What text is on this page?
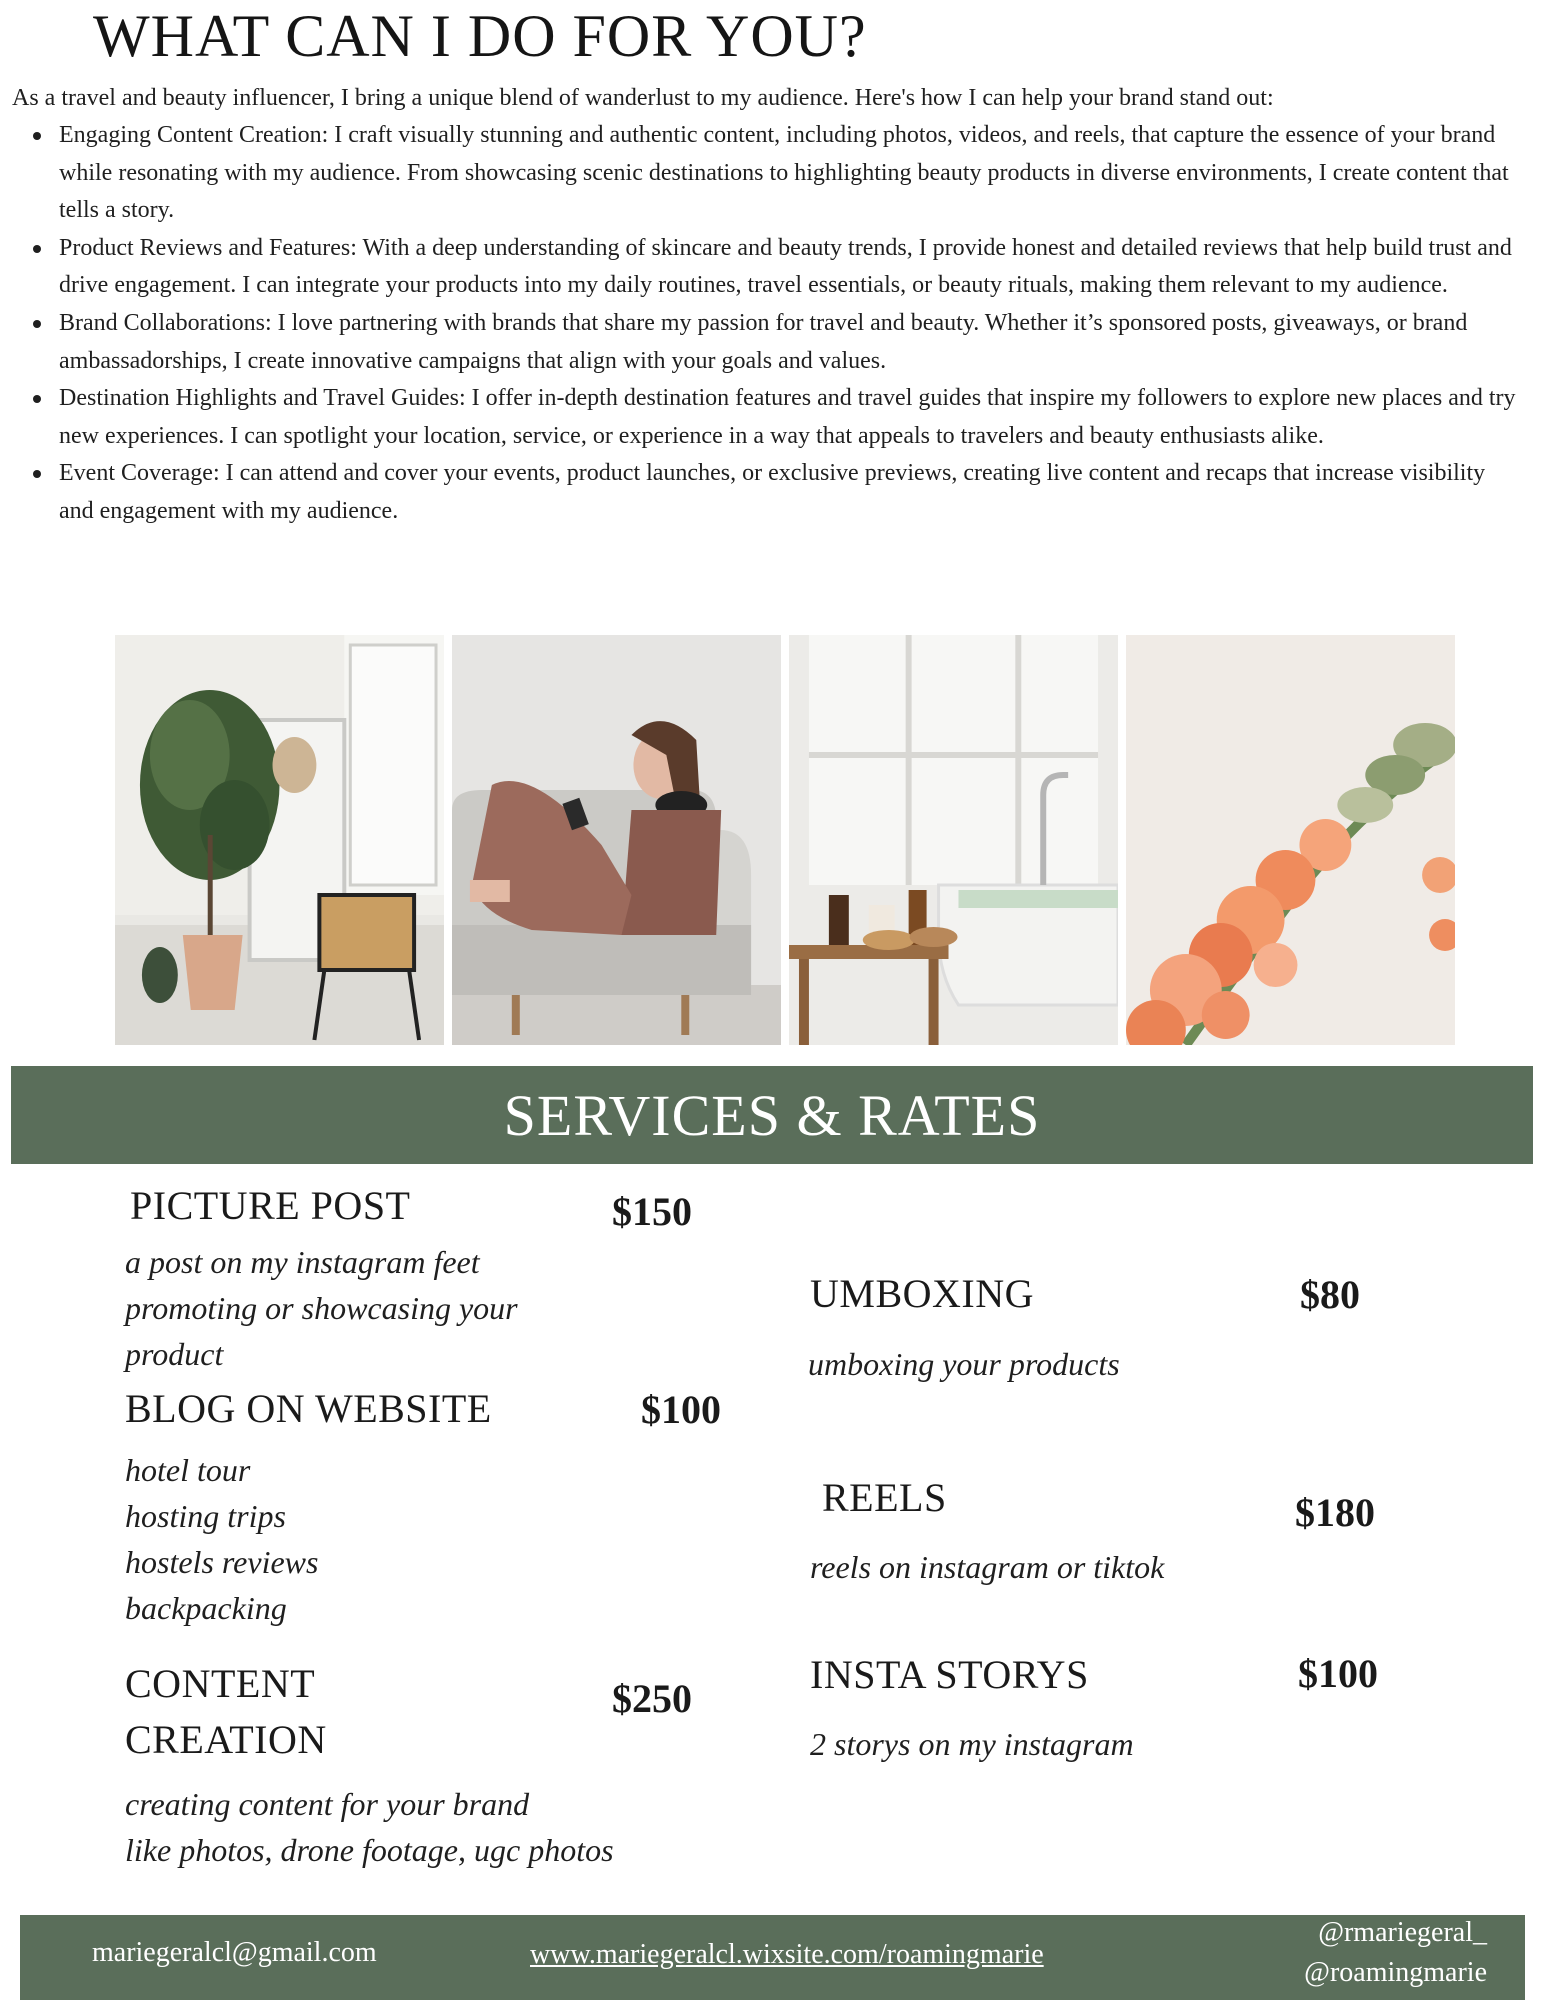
WHAT CAN I DO FOR YOU?

As a travel and beauty influencer, I bring a unique blend of wanderlust to my audience. Here's how I can help your brand stand out:

Engaging Content Creation: I craft visually stunning and authentic content, including photos, videos, and reels, that capture the essence of your brand while resonating with my audience. From showcasing scenic destinations to highlighting beauty products in diverse environments, I create content that tells a story.
Product Reviews and Features: With a deep understanding of skincare and beauty trends, I provide honest and detailed reviews that help build trust and drive engagement. I can integrate your products into my daily routines, travel essentials, or beauty rituals, making them relevant to my audience.
Brand Collaborations: I love partnering with brands that share my passion for travel and beauty. Whether it’s sponsored posts, giveaways, or brand ambassadorships, I create innovative campaigns that align with your goals and values.
Destination Highlights and Travel Guides: I offer in-depth destination features and travel guides that inspire my followers to explore new places and try new experiences. I can spotlight your location, service, or experience in a way that appeals to travelers and beauty enthusiasts alike.
Event Coverage: I can attend and cover your events, product launches, or exclusive previews, creating live content and recaps that increase visibility and engagement with my audience.
SERVICES & RATES
PICTURE POST	$150
a post on my instagram feet
promoting or showcasing your
product
BLOG ON WEBSITE	$100
hotel tour
hosting trips
hostels reviews
backpacking
CONTENT
CREATION
$250
creating content for your brand
like photos, drone footage, ugc photos
UMBOXING	$80
umboxing your products
REELS	$180
reels on instagram or tiktok
INSTA STORYS	$100
2 storys on my instagram
mariegeralcl@gmail.com	www.mariegeralcl.wixsite.com/roamingmarie
@rmariegeral_
@roamingmarie
